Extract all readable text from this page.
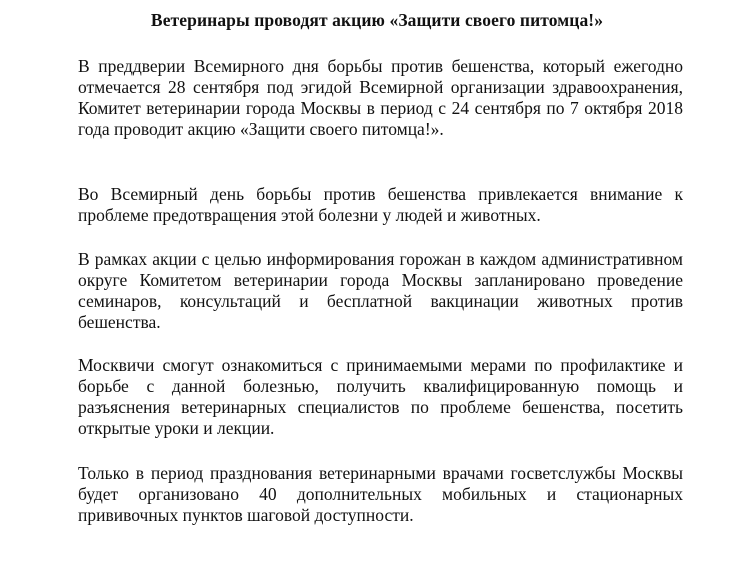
Ветеринары проводят акцию «Защити своего питомца!»
В преддверии Всемирного дня борьбы против бешенства, который ежегодно отмечается 28 сентября под эгидой Всемирной организации здравоохранения, Комитет ветеринарии города Москвы в период с 24 сентября по 7 октября 2018 года проводит акцию «Защити своего питомца!».
Во Всемирный день борьбы против бешенства привлекается внимание к проблеме предотвращения этой болезни у людей и животных.
В рамках акции с целью информирования горожан в каждом административном округе Комитетом ветеринарии города Москвы запланировано проведение семинаров, консультаций и бесплатной вакцинации животных против бешенства.
Москвичи смогут ознакомиться с принимаемыми мерами по профилактике и борьбе с данной болезнью, получить квалифицированную помощь и разъяснения ветеринарных специалистов по проблеме бешенства, посетить открытые уроки и лекции.
Только в период празднования ветеринарными врачами госветслужбы Москвы будет организовано 40 дополнительных мобильных и стационарных прививочных пунктов шаговой доступности.
